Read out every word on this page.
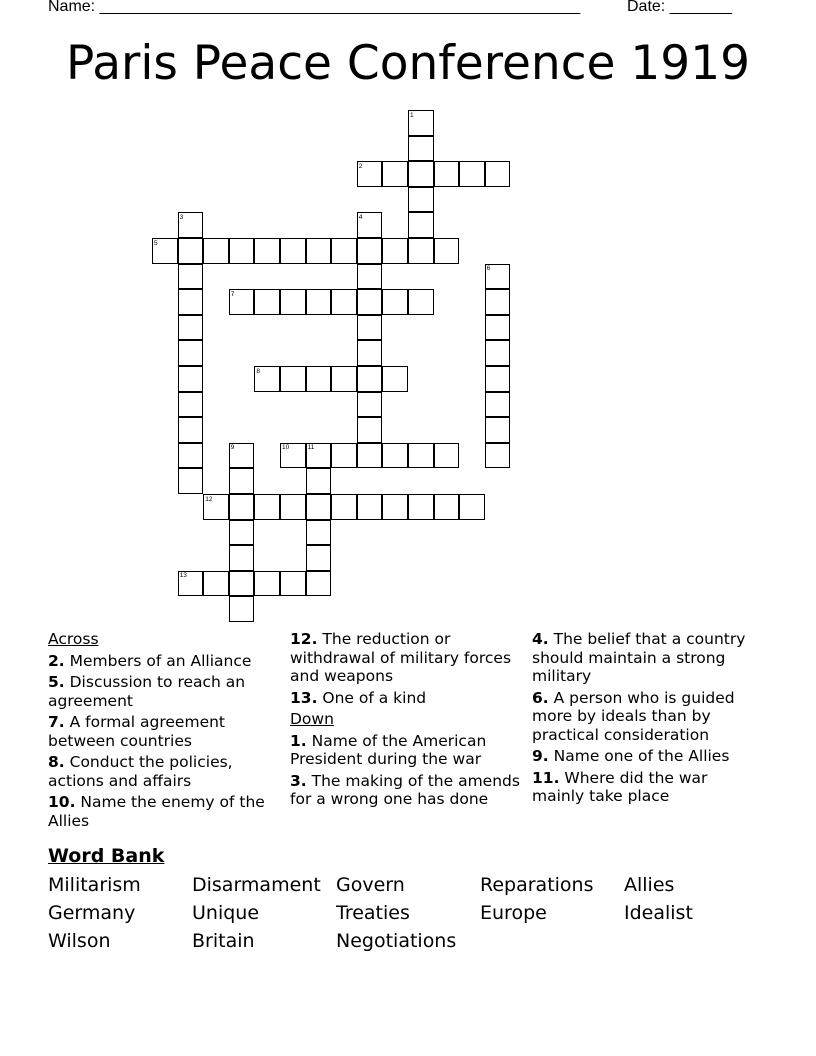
Name: ______________________________________________________	Date: _______
Paris Peace Conference 1919
1
2
3	4
5
6
7
8
9	10	11
12
13
Across
2. Members of an Alliance
5. Discussion to reach an agreement
7. A formal agreement between countries
8. Conduct the policies, actions and affairs
10. Name the enemy of the Allies
12. The reduction or withdrawal of military forces and weapons
13. One of a kind
Down
1. Name of the American President during the war
3. The making of the amends for a wrong one has done
4. The belief that a country should maintain a strong military
6. A person who is guided more by ideals than by practical consideration
9. Name one of the Allies
11. Where did the war mainly take place
Word Bank
Militarism	Disarmament Govern	Reparations	Allies
Germany	Unique	Treaties	Europe	Idealist
Wilson	Britain	Negotiations
